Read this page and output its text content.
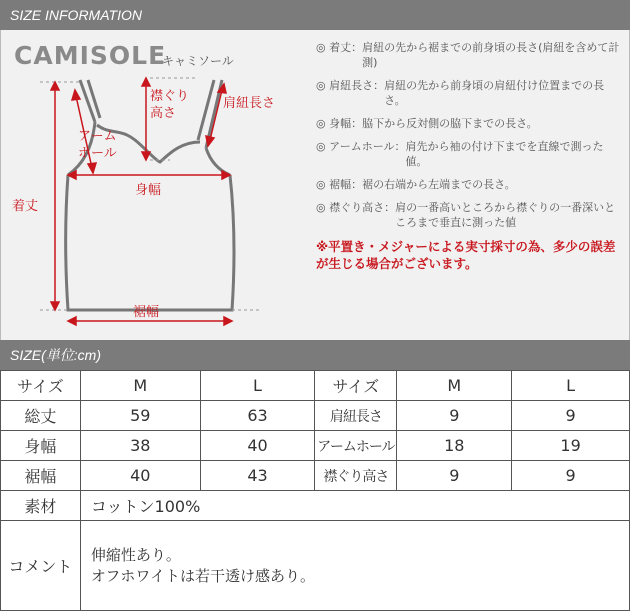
SIZE INFORMATION
CAMISOLE
キャミソール
着丈
襟ぐり
高さ
肩紐長さ
アーム
ホール
身幅
裾幅
◎ 着丈： 肩紐の先から裾までの前身頃の長さ(肩紐を含めて計測)
◎ 肩紐長さ： 肩紐の先から前身頃の肩紐付け位置までの長さ。
◎ 身幅： 脇下から反対側の脇下までの長さ。
◎ アームホール： 肩先から袖の付け下までを直線で測った値。
◎ 裾幅： 裾の右端から左端までの長さ。
◎ 襟ぐり高さ： 肩の一番高いところから襟ぐりの一番深いところまで垂直に測った値
※平置き・メジャーによる実寸採寸の為、多少の誤差が生じる場合がございます。
SIZE(単位:cm)
サイズ	M	L	サイズ	M	L
総丈	59	63	肩紐長さ	9	9
身幅	38	40	アームホール	18	19
裾幅	40	43	襟ぐり高さ	9	9
素材	コットン100%				
コメント	伸縮性あり。
オフホワイトは若干透け感あり。				
